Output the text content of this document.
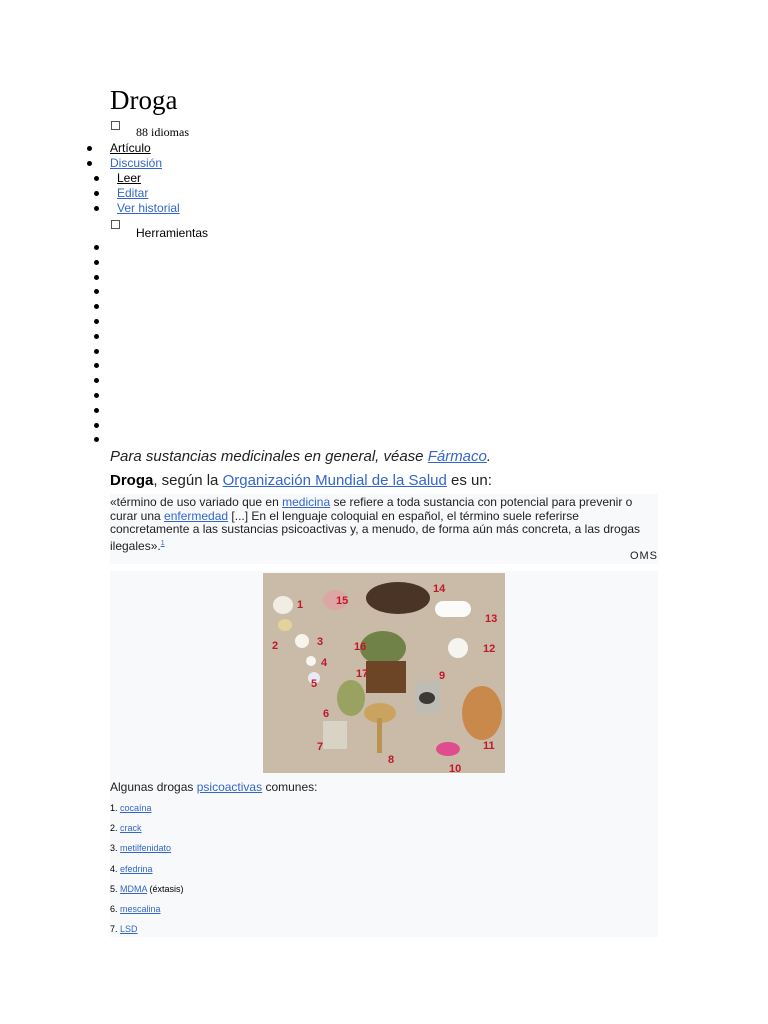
Droga
88 idiomas
Artículo
Discusión
Leer
Editar
Ver historial
Herramientas
Para sustancias medicinales en general, véase Fármaco.
Droga, según la Organización Mundial de la Salud es un:
«término de uso variado que en medicina se refiere a toda sustancia con potencial para prevenir o curar una enfermedad [...] En el lenguaje coloquial en español, el término suele referirse concretamente a las sustancias psicoactivas y, a menudo, de forma aún más concreta, a las drogas ilegales».$^1$
OMS
1
2	3
4
5
6
7
8
9
10
11
12
13
14
15
16
17
Algunas drogas psicoactivas comunes:
1. cocaína
2. crack
3. metilfenidato
4. efedrina
5. MDMA (éxtasis)
6. mescalina
7. LSD
